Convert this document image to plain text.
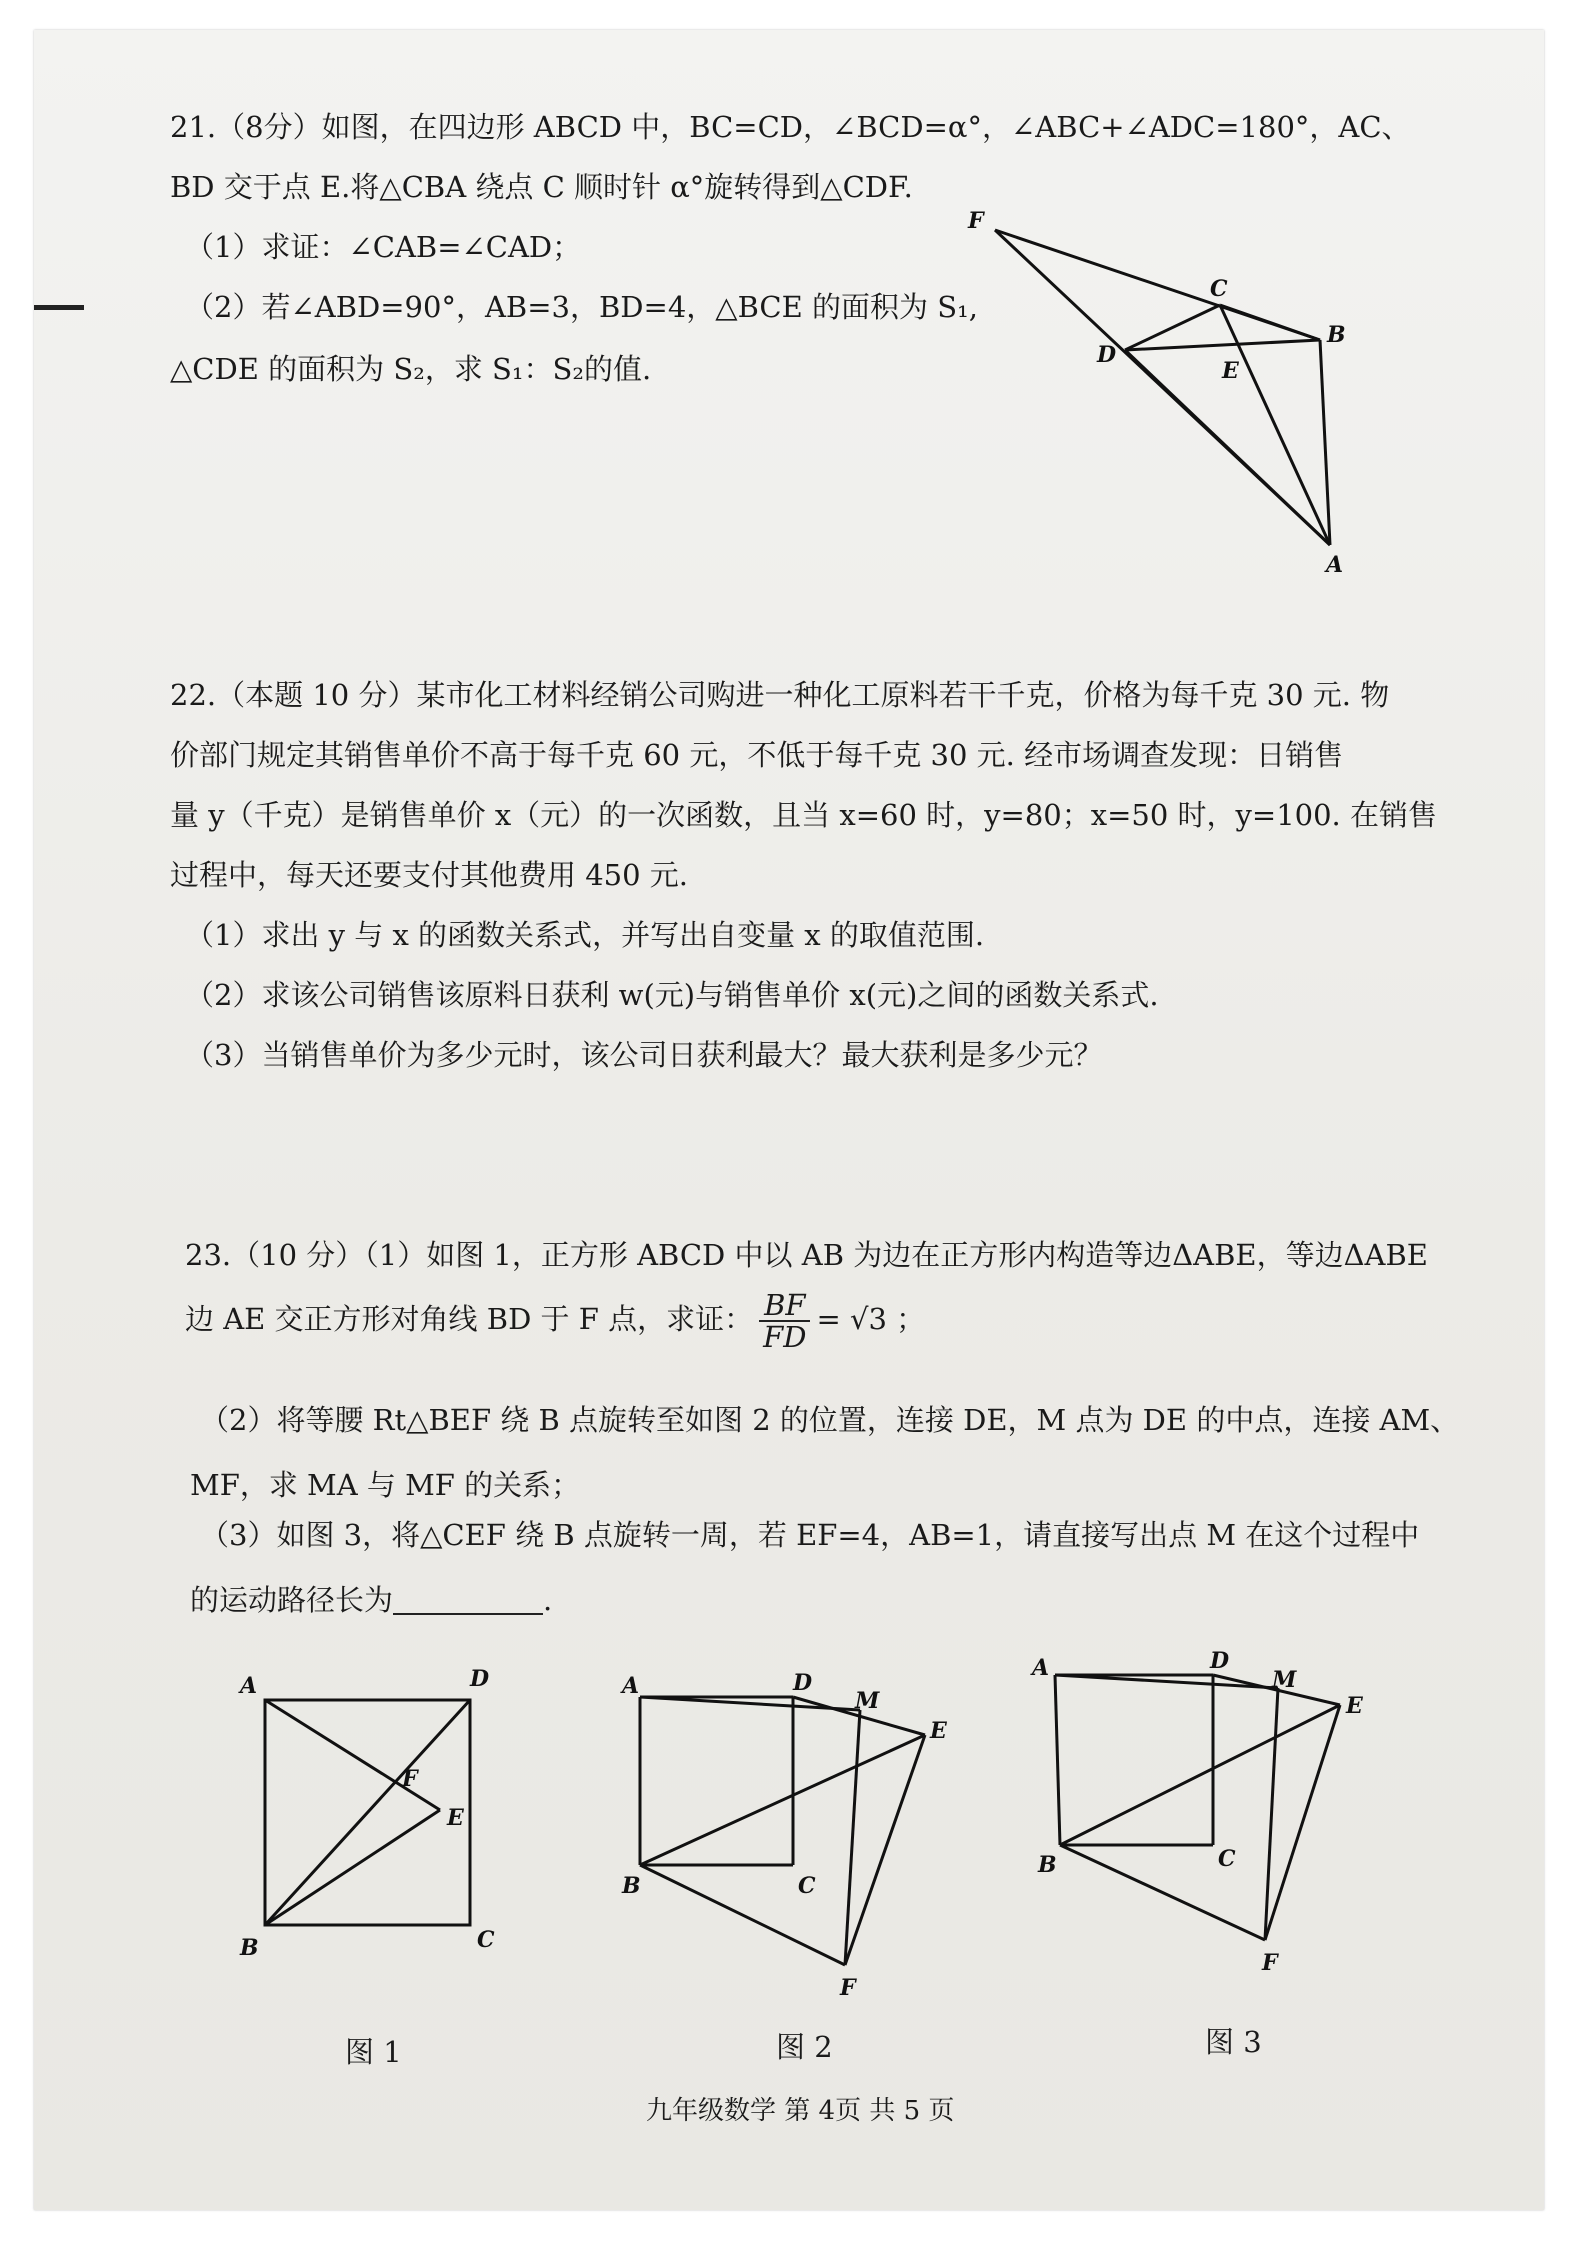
21.（8分）如图，在四边形 ABCD 中，BC=CD，∠BCD=α°，∠ABC+∠ADC=180°，AC、
BD 交于点 E.将△CBA 绕点 C 顺时针 α°旋转得到△CDF.
（1）求证：∠CAB=∠CAD；
（2）若∠ABD=90°，AB=3，BD=4，△BCE 的面积为 S₁,
△CDE 的面积为 S₂，求 S₁：S₂的值.
F
C
B
D
E
A
22.（本题 10 分）某市化工材料经销公司购进一种化工原料若干千克，价格为每千克 30 元. 物
价部门规定其销售单价不高于每千克 60 元，不低于每千克 30 元. 经市场调查发现：日销售
量 y（千克）是销售单价 x（元）的一次函数，且当 x=60 时，y=80；x=50 时，y=100. 在销售
过程中，每天还要支付其他费用 450 元.
（1）求出 y 与 x 的函数关系式，并写出自变量 x 的取值范围.
（2）求该公司销售该原料日获利 w(元)与销售单价 x(元)之间的函数关系式.
（3）当销售单价为多少元时，该公司日获利最大？最大获利是多少元？
23.（10 分）（1）如图 1，正方形 ABCD 中以 AB 为边在正方形内构造等边ΔABE，等边ΔABE
边 AE 交正方形对角线 BD 于 F 点，求证： $\frac{BF}{FD} = √3$ ；
（2）将等腰 Rt△BEF 绕 B 点旋转至如图 2 的位置，连接 DE，M 点为 DE 的中点，连接 AM、
MF，求 MA 与 MF 的关系；
（3）如图 3，将△CEF 绕 B 点旋转一周，若 EF=4，AB=1，请直接写出点 M 在这个过程中
的运动路径长为	.
A	D
F
E
B	C
图 1
A	D
M
E
B	C
F
图 2
A	D
M
E
B	C
F
图 3
九年级数学 第 4页 共 5 页
